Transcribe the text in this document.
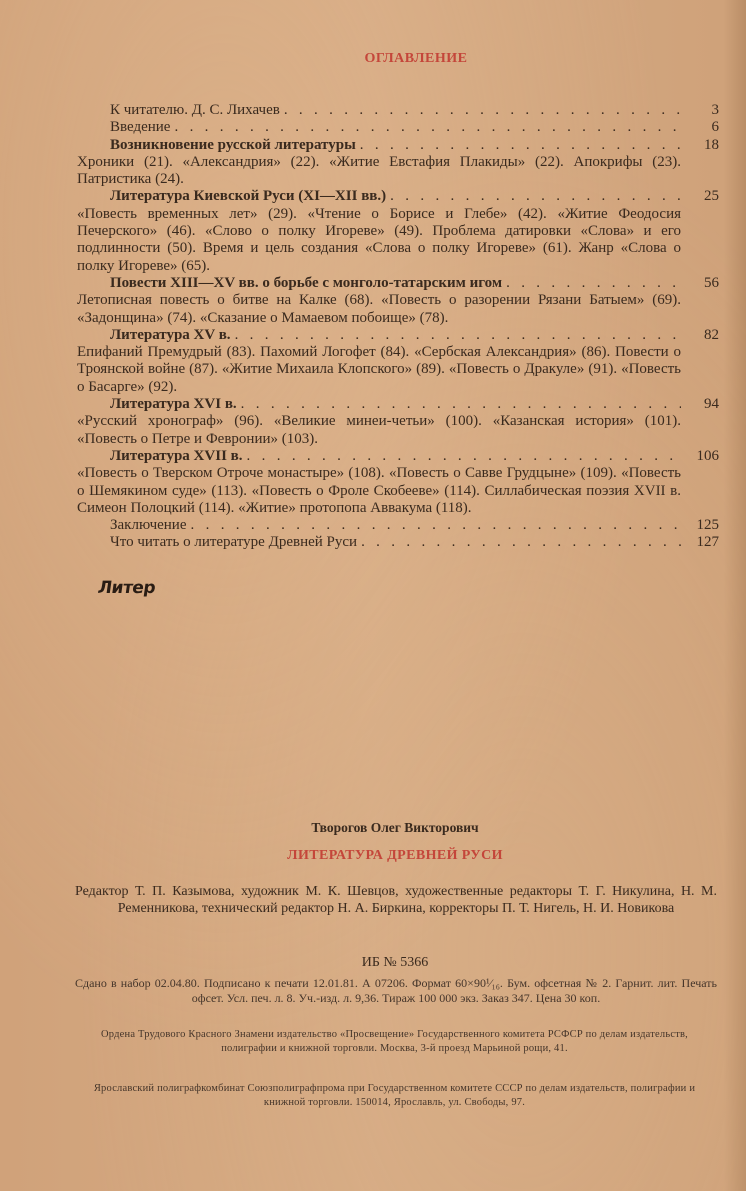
ОГЛАВЛЕНИЕ
К читателю. Д. С. Лихачев . . .	3
Введение . . .	6
Возникновение русской литературы . . .	18
Хроники (21). «Александрия» (22). «Житие Евстафия Плакиды» (22). Апокрифы (23). Патристика (24).
Литература Киевской Руси (XI—XII вв.) . . .	25
«Повесть временных лет» (29). «Чтение о Борисе и Глебе» (42). «Житие Феодосия Печерского» (46). «Слово о полку Игореве» (49). Проблема датировки «Слова» и его подлинности (50). Время и цель создания «Слова о полку Игореве» (61). Жанр «Слова о полку Игореве» (65).
Повести XIII—XV вв. о борьбе с монголо-татарским игом . . .	56
Летописная повесть о битве на Калке (68). «Повесть о разорении Рязани Батыем» (69). «Задонщина» (74). «Сказание о Мамаевом побоище» (78).
Литература XV в. . . .	82
Епифаний Премудрый (83). Пахомий Логофет (84). «Сербская Александрия» (86). Повести о Троянской войне (87). «Житие Михаила Клопского» (89). «Повесть о Дракуле» (91). «Повесть о Басарге» (92).
Литература XVI в. . . .	94
«Русский хронограф» (96). «Великие минеи-четьи» (100). «Казанская история» (101). «Повесть о Петре и Февронии» (103).
Литература XVII в. . . .	106
«Повесть о Тверском Отроче монастыре» (108). «Повесть о Савве Грудцыне» (109). «Повесть о Шемякином суде» (113). «Повесть о Фроле Скобееве» (114). Силлабическая поэзия XVII в. Симеон Полоцкий (114). «Житие» протопопа Аввакума (118).
Заключение . . .	125
Что читать о литературе Древней Руси . . .	127
Литер
Творогов Олег Викторович
ЛИТЕРАТУРА ДРЕВНЕЙ РУСИ
Редактор Т. П. Казымова, художник М. К. Шевцов, художественные редакторы Т. Г. Никулина, Н. М. Ременникова, технический редактор Н. А. Биркина, корректоры П. Т. Нигель, Н. И. Новикова
ИБ № 5366
Сдано в набор 02.04.80. Подписано к печати 12.01.81. А 07206. Формат 60×90¹⁄₁₆. Бум. офсетная № 2. Гарнит. лит. Печать офсет. Усл. печ. л. 8. Уч.-изд. л. 9,36. Тираж 100 000 экз. Заказ 347. Цена 30 коп.
Ордена Трудового Красного Знамени издательство «Просвещение» Государственного комитета РСФСР по делам издательств, полиграфии и книжной торговли. Москва, 3-й проезд Марьиной рощи, 41.
Ярославский полиграфкомбинат Союзполиграфпрома при Государственном комитете СССР по делам издательств, полиграфии и книжной торговли. 150014, Ярославль, ул. Свободы, 97.
